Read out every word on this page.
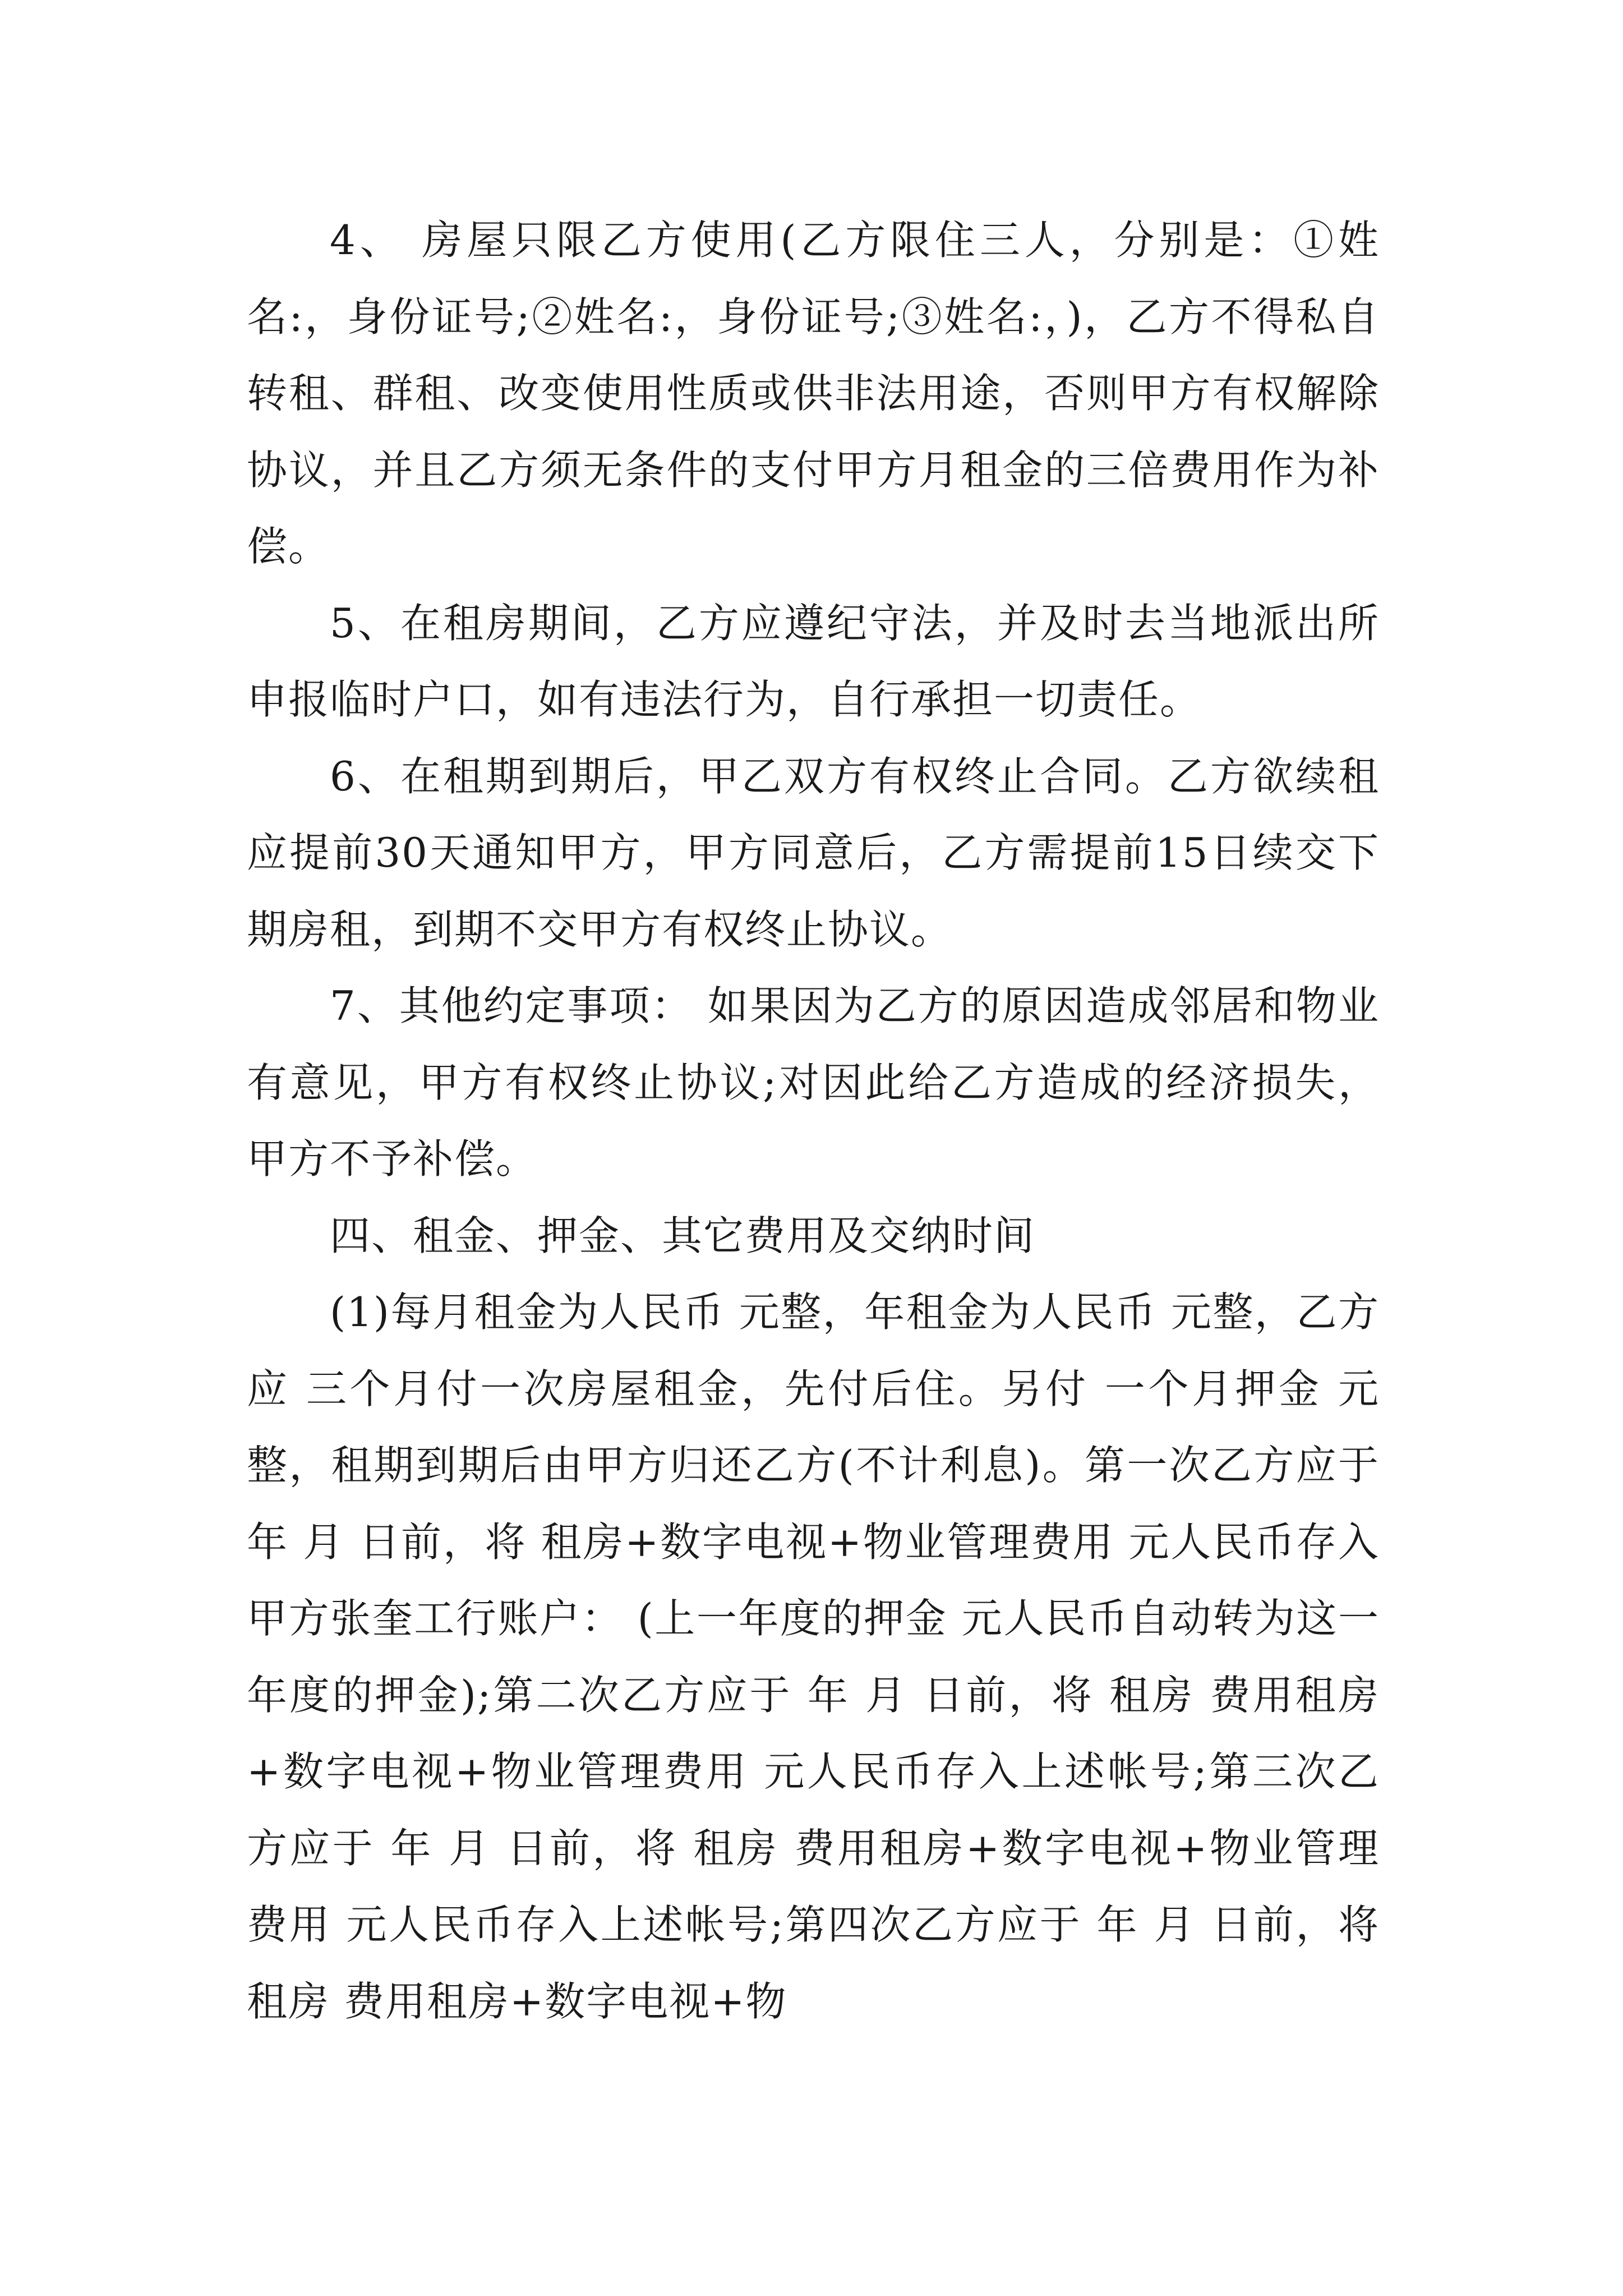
4、 房屋只限乙方使用(乙方限住三人，分别是：①姓名:，身份证号;②姓名:，身份证号;③姓名:，)，乙方不得私自转租、群租、改变使用性质或供非法用途，否则甲方有权解除协议，并且乙方须无条件的支付甲方月租金的三倍费用作为补偿。

5、在租房期间，乙方应遵纪守法，并及时去当地派出所申报临时户口，如有违法行为，自行承担一切责任。

6、在租期到期后，甲乙双方有权终止合同。乙方欲续租应提前30天通知甲方，甲方同意后，乙方需提前15日续交下期房租，到期不交甲方有权终止协议。

7、其他约定事项： 如果因为乙方的原因造成邻居和物业有意见，甲方有权终止协议;对因此给乙方造成的经济损失，甲方不予补偿。

四、租金、押金、其它费用及交纳时间

(1)每月租金为人民币 元整，年租金为人民币 元整，乙方应 三个月付一次房屋租金，先付后住。另付 一个月押金 元整，租期到期后由甲方归还乙方(不计利息)。第一次乙方应于 年 月 日前，将 租房+数字电视+物业管理费用 元人民币存入甲方张奎工行账户： (上一年度的押金 元人民币自动转为这一年度的押金);第二次乙方应于 年 月 日前，将 租房 费用租房+数字电视+物业管理费用 元人民币存入上述帐号;第三次乙方应于 年 月 日前，将 租房 费用租房+数字电视+物业管理费用 元人民币存入上述帐号;第四次乙方应于 年 月 日前，将 租房 费用租房+数字电视+物
